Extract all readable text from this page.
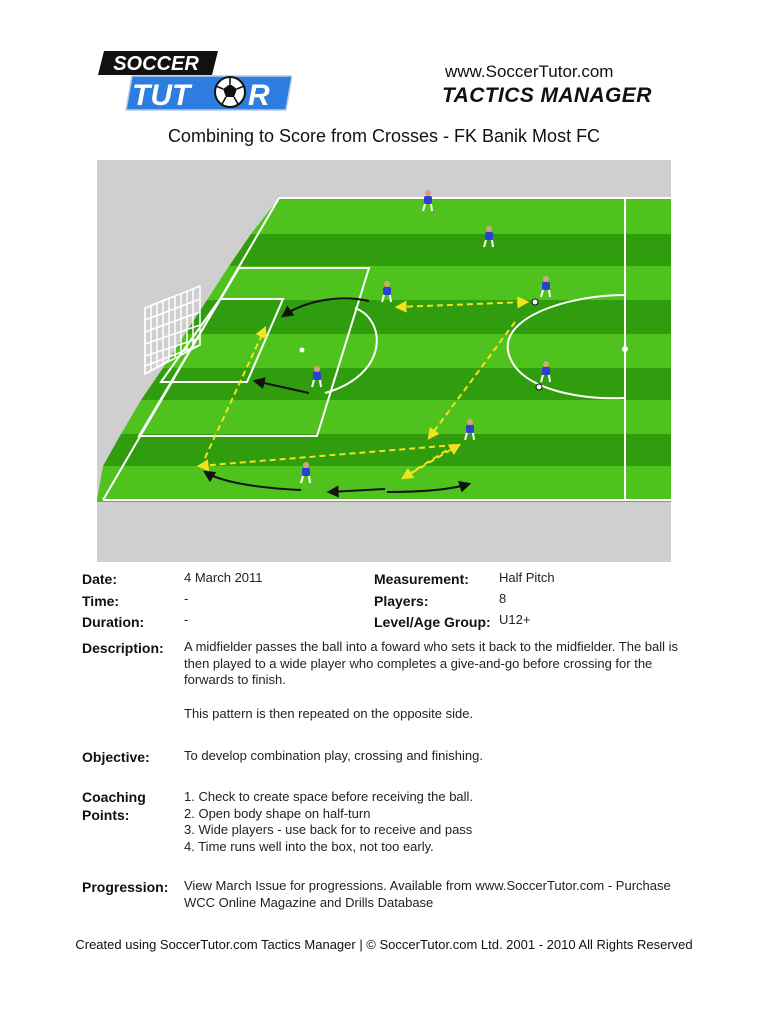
SOCCER
TUT R
www.SoccerTutor.com
TACTICS MANAGER
Combining to Score from Crosses - FK Banik Most FC
Date:	4 March 2011
Time:	-
Duration:	-
Measurement: Half Pitch
Players:	8
Level/Age Group: U12+
Description: A midfielder passes the ball into a foward who sets it back to the midfielder. The ball is then played to a wide player who completes a give-and-go before crossing for the forwards to finish.
This pattern is then repeated on the opposite side.
Objective:	To develop combination play, crossing and finishing.
Coaching
Points:
1. Check to create space before receiving the ball.
2. Open body shape on half-turn
3. Wide players - use back for to receive and pass
4. Time runs well into the box, not too early.
Progression: View March Issue for progressions. Available from www.SoccerTutor.com - Purchase WCC Online Magazine and Drills Database
Created using SoccerTutor.com Tactics Manager | © SoccerTutor.com Ltd. 2001 - 2010 All Rights Reserved
